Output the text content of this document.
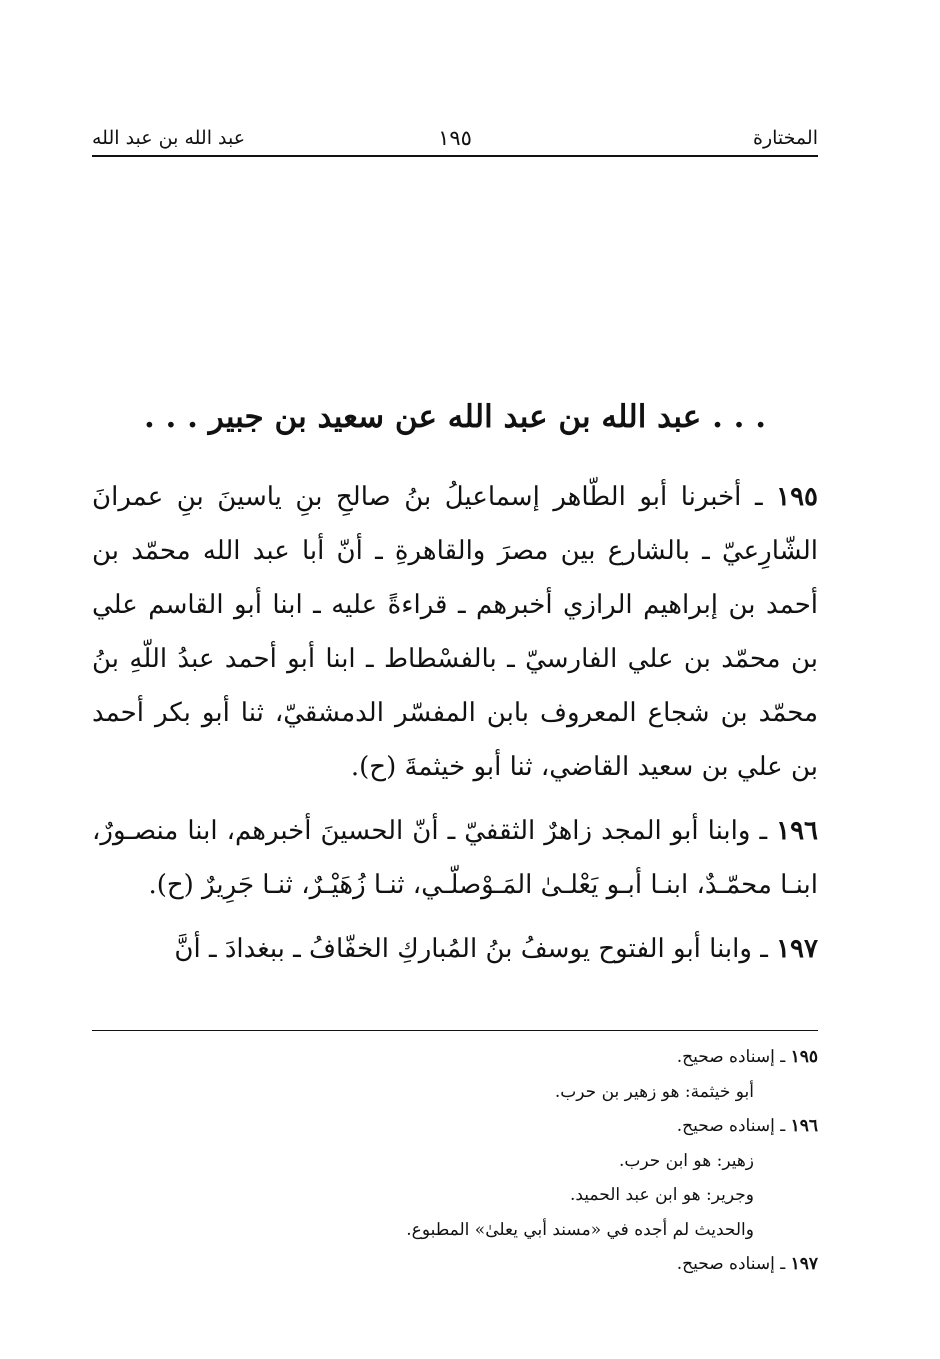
المختارة
١٩٥
عبد الله بن عبد الله
. . . عبد الله بن عبد الله عن سعيد بن جبير . . .

١٩٥ ـ أخبرنا أبو الطّاهر إسماعيلُ بنُ صالحِ بنِ ياسينَ بنِ عمرانَ الشّارِعيّ ـ بالشارع بين مصرَ والقاهرةِ ـ أنّ أبا عبد الله محمّد بن أحمد بن إبراهيم الرازي أخبرهم ـ قراءةً عليه ـ ابنا أبو القاسم علي بن محمّد بن علي الفارسيّ ـ بالفسْطاط ـ ابنا أبو أحمد عبدُ اللّهِ بنُ محمّد بن شجاع المعروف بابن المفسّر الدمشقيّ، ثنا أبو بكر أحمد بن علي بن سعيد القاضي، ثنا أبو خيثمةَ (ح).

١٩٦ ـ وابنا أبو المجد زاهرٌ الثقفيّ ـ أنّ الحسينَ أخبرهم، ابنا منصـورٌ، ابنـا محمّـدٌ، ابنـا أبـو يَعْلـىٰ المَـوْصلّـي، ثنـا زُهَيْـرٌ، ثنـا جَرِيرٌ (ح).

١٩٧ ـ وابنا أبو الفتوح يوسفُ بنُ المُباركِ الخفّافُ ـ ببغدادَ ـ أنَّ

١٩٥ ـ إسناده صحيح.

أبو خيثمة: هو زهير بن حرب.

١٩٦ ـ إسناده صحيح.

زهير: هو ابن حرب.

وجرير: هو ابن عبد الحميد.

والحديث لم أجده في «مسند أبي يعلىٰ» المطبوع.

١٩٧ ـ إسناده صحيح.
